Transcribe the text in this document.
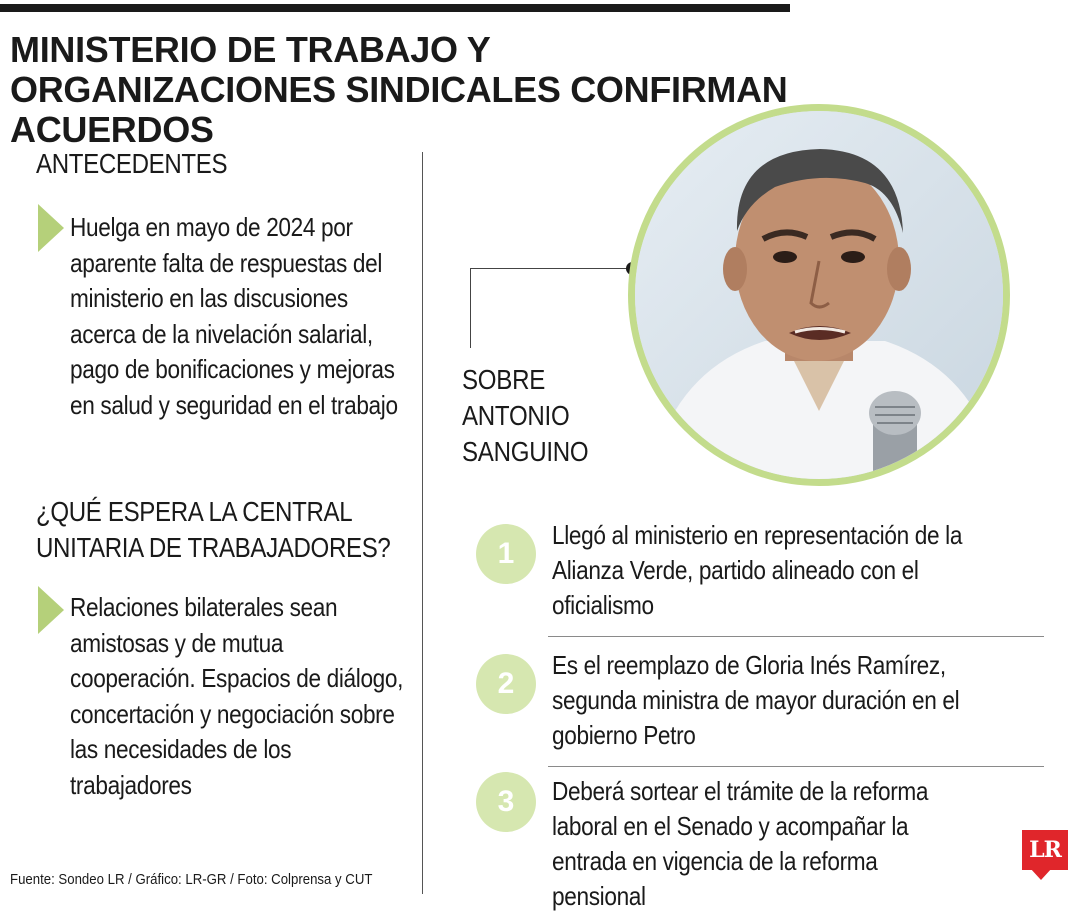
MINISTERIO DE TRABAJO Y ORGANIZACIONES SINDICALES CONFIRMAN ACUERDOS
ANTECEDENTES

Huelga en mayo de 2024 por aparente falta de respuestas del ministerio en las discusiones acerca de la nivelación salarial, pago de bonificaciones y mejoras en salud y seguridad en el trabajo

¿QUÉ ESPERA LA CENTRAL UNITARIA DE TRABAJADORES?

Relaciones bilaterales sean amistosas y de mutua cooperación. Espacios de diálogo, concertación y negociación sobre las necesidades de los trabajadores

Fuente: Sondeo LR / Gráfico: LR-GR / Foto: Colprensa y CUT

SOBRE ANTONIO SANGUINO

1

Llegó al ministerio en representación de la Alianza Verde, partido alineado con el oficialismo

2

Es el reemplazo de Gloria Inés Ramírez, segunda ministra de mayor duración en el gobierno Petro

3	Deberá sortear el trámite de la reforma laboral en el Senado y acompañar la entrada en vigencia de la reforma pensional

LR
